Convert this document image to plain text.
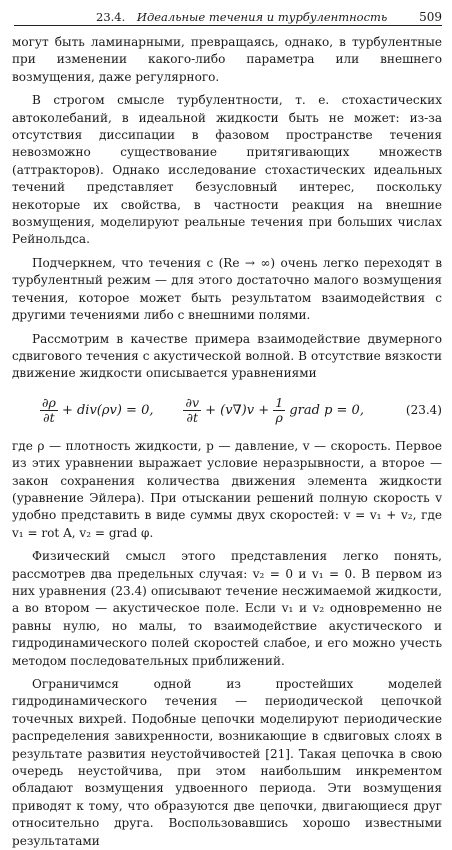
23.4. Идеальные течения и турбулентность	509

могут быть ламинарными, превращаясь, однако, в турбулентные при изменении какого-либо параметра или внешнего возмущения, даже регулярного.

В строгом смысле турбулентности, т. е. стохастических автоколебаний, в идеальной жидкости быть не может: из-за отсутствия диссипации в фазовом пространстве течения невозможно существование притягивающих множеств (аттракторов). Однако исследование стохастических идеальных течений представляет безусловный интерес, поскольку некоторые их свойства, в частности реакция на внешние возмущения, моделируют реальные течения при больших числах Рейнольдса.

Подчеркнем, что течения с (Re → ∞) очень легко переходят в турбулентный режим — для этого достаточно малого возмущения течения, которое может быть результатом взаимодействия с другими течениями либо с внешними полями.

Рассмотрим в качестве примера взаимодействие двумерного сдвигового течения с акустической волной. В отсутствие вязкости движение жидкости описывается уравнениями

$\frac{\partial\rho}{\partial t} + div(\rho v) = 0$, $\frac{\partial v}{\partial t} + (v\nabla)v + \frac{1}{\rho}$ grad p = 0,	(23.4)

где ρ — плотность жидкости, p — давление, v — скорость. Первое из этих уравнении выражает условие неразрывности, а второе — закон сохранения количества движения элемента жидкости (уравнение Эйлера). При отыскании решений полную скорость v удобно представить в виде суммы двух скоростей: v = v₁ + v₂, где v₁ = rot A, v₂ = grad φ.

Физический смысл этого представления легко понять, рассмотрев два предельных случая: v₂ = 0 и v₁ = 0. В первом из них уравнения (23.4) описывают течение несжимаемой жидкости, а во втором — акустическое поле. Если v₁ и v₂ одновременно не равны нулю, но малы, то взаимодействие акустического и гидродинамического полей скоростей слабое, и его можно учесть методом последовательных приближений.

Ограничимся одной из простейших моделей гидродинамического течения — периодической цепочкой точечных вихрей. Подобные цепочки моделируют периодические распределения завихренности, возникающие в сдвиговых слоях в результате развития неустойчивостей [21]. Такая цепочка в свою очередь неустойчива, при этом наибольшим инкрементом обладают возмущения удвоенного периода. Эти возмущения приводят к тому, что образуются две цепочки, двигающиеся друг относительно друга. Воспользовавшись хорошо известными результатами
